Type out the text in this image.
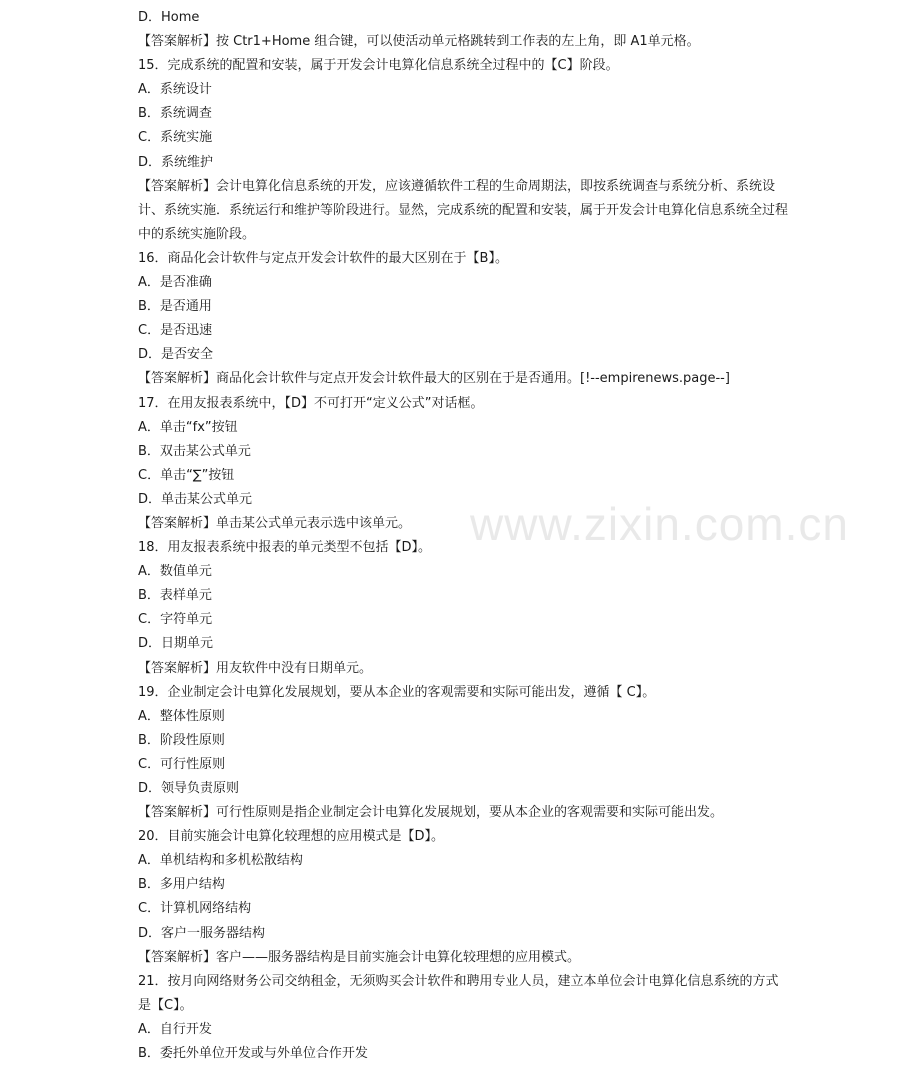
D．Home
【答案解析】按 Ctr1+Home 组合键，可以使活动单元格跳转到工作表的左上角，即 A1单元格。
15．完成系统的配置和安装，属于开发会计电算化信息系统全过程中的【C】阶段。
A．系统设计
B．系统调查
C．系统实施
D．系统维护
【答案解析】会计电算化信息系统的开发，应该遵循软件工程的生命周期法，即按系统调查与系统分析、系统设计、系统实施．系统运行和维护等阶段进行。显然，完成系统的配置和安装，属于开发会计电算化信息系统全过程中的系统实施阶段。
16．商品化会计软件与定点开发会计软件的最大区别在于【B】。
A．是否准确
B．是否通用
C．是否迅速
D．是否安全
【答案解析】商品化会计软件与定点开发会计软件最大的区别在于是否通用。[!--empirenews.page--]
17．在用友报表系统中，【D】不可打开“定义公式”对话框。
A．单击“fx”按钮
B．双击某公式单元
C．单击“∑”按钮
D．单击某公式单元
【答案解析】单击某公式单元表示选中该单元。
18．用友报表系统中报表的单元类型不包括【D】。
A．数值单元
B．表样单元
C．字符单元
D．日期单元
【答案解析】用友软件中没有日期单元。
19．企业制定会计电算化发展规划，要从本企业的客观需要和实际可能出发，遵循【 C】。
A．整体性原则
B．阶段性原则
C．可行性原则
D．领导负责原则
【答案解析】可行性原则是指企业制定会计电算化发展规划，要从本企业的客观需要和实际可能出发。
20．目前实施会计电算化较理想的应用模式是【D】。
A．单机结构和多机松散结构
B．多用户结构
C．计算机网络结构
D．客户一服务器结构
【答案解析】客户——服务器结构是目前实施会计电算化较理想的应用模式。
21．按月向网络财务公司交纳租金，无须购买会计软件和聘用专业人员，建立本单位会计电算化信息系统的方式是【C】。
A．自行开发
B．委托外单位开发或与外单位合作开发
www.zixin.com.cn
